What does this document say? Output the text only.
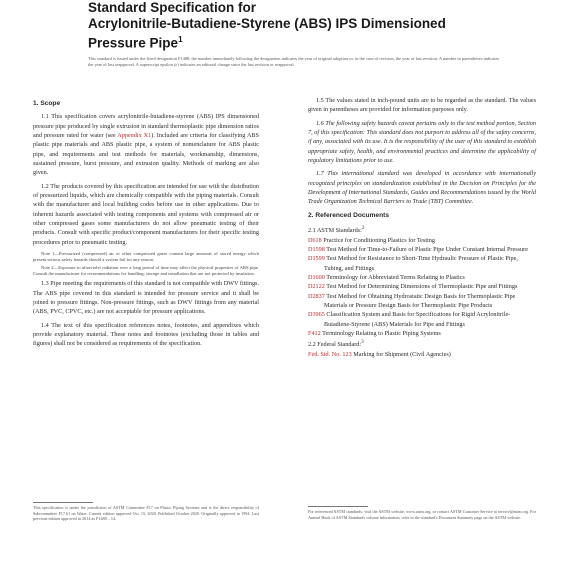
Standard Specification for
Acrylonitrile-Butadiene-Styrene (ABS) IPS Dimensioned
Pressure Pipe$^1$
This standard is issued under the fixed designation F1488; the number immediately following the designation indicates the year of original adoption or, in the case of revision, the year of last revision. A number in parentheses indicates the year of last reapproval. A superscript epsilon (ε) indicates an editorial change since the last revision or reapproval.
1. Scope

1.1 This specification covers acrylonitrile-butadiene-styrene (ABS) IPS dimensioned pressure pipe produced by single extrusion in standard thermoplastic pipe dimension ratios and pressure rated for water (see Appendix X1). Included are criteria for classifying ABS plastic pipe materials and ABS plastic pipe, a system of nomenclature for ABS plastic pipe, and requirements and test methods for materials, workmanship, dimensions, sustained pressure, burst pressure, and extrusion quality. Methods of marking are also given.

1.2 The products covered by this specification are intended for use with the distribution of pressurized liquids, which are chemically compatible with the piping materials. Consult with the manufacturer and local building codes before use in other applications. Due to inherent hazards associated with testing components and systems with compressed air or other compressed gases some manufacturers do not allow pneumatic testing of their products. Consult with specific product/component manufacturers for their specific testing procedures prior to pneumatic testing.

Note 1—Pressurized (compressed) air or other compressed gases contain large amounts of stored energy which present serious safety hazards should a system fail for any reason.
Note 2—Exposure to ultraviolet radiation over a long period of time may affect the physical properties of ABS pipe. Consult the manufacturer for recommendations for handling, storage and installation that are not protected by insulation.

1.3 Pipe meeting the requirements of this standard is not compatible with DWV fittings. The ABS pipe covered in this standard is intended for pressure service and it shall be joined to pressure fittings. Non-pressure fittings, such as DWV fittings from any material (ABS, PVC, CPVC, etc.) are not acceptable for pressure applications.

1.4 The text of this specification references notes, footnotes, and appendixes which provide explanatory material. These notes and footnotes (excluding those in tables and figures) shall not be considered as requirements of the specification.

This specification is under the jurisdiction of ASTM Committee F17 on Plastic Piping Systems and is the direct responsibility of Subcommittee F17.61 on Water. Current edition approved Oct. 15, 2020. Published October 2020. Originally approved in 1994. Last previous edition approved in 2014 as F1488 – 14.

1.5 The values stated in inch-pound units are to be regarded as the standard. The values given in parentheses are provided for information purposes only.

1.6 The following safety hazards caveat pertains only to the test method portion, Section 7, of this specification: This standard does not purport to address all of the safety concerns, if any, associated with its use. It is the responsibility of the user of this standard to establish appropriate safety, health, and environmental practices and determine the applicability of regulatory limitations prior to use.

1.7 This international standard was developed in accordance with internationally recognized principles on standardization established in the Decision on Principles for the Development of International Standards, Guides and Recommendations issued by the World Trade Organization Technical Barriers to Trade (TBT) Committee.

2. Referenced Documents
2.1 ASTM Standards:$^2$
D618 Practice for Conditioning Plastics for Testing
D1598 Test Method for Time-to-Failure of Plastic Pipe Under Constant Internal Pressure
D1599 Test Method for Resistance to Short-Time Hydraulic Pressure of Plastic Pipe, Tubing, and Fittings
D1600 Terminology for Abbreviated Terms Relating to Plastics
D2122 Test Method for Determining Dimensions of Thermoplastic Pipe and Fittings
D2837 Test Method for Obtaining Hydrostatic Design Basis for Thermoplastic Pipe Materials or Pressure Design Basis for Thermoplastic Pipe Products
D3965 Classification System and Basis for Specifications for Rigid Acrylonitrile-Butadiene-Styrene (ABS) Materials for Pipe and Fittings
F412 Terminology Relating to Plastic Piping Systems
2.2 Federal Standard:$^3$
Fed. Std. No. 123 Marking for Shipment (Civil Agencies)
For referenced ASTM standards, visit the ASTM website, www.astm.org, or contact ASTM Customer Service at service@astm.org. For Annual Book of ASTM Standards volume information, refer to the standard's Document Summary page on the ASTM website.
